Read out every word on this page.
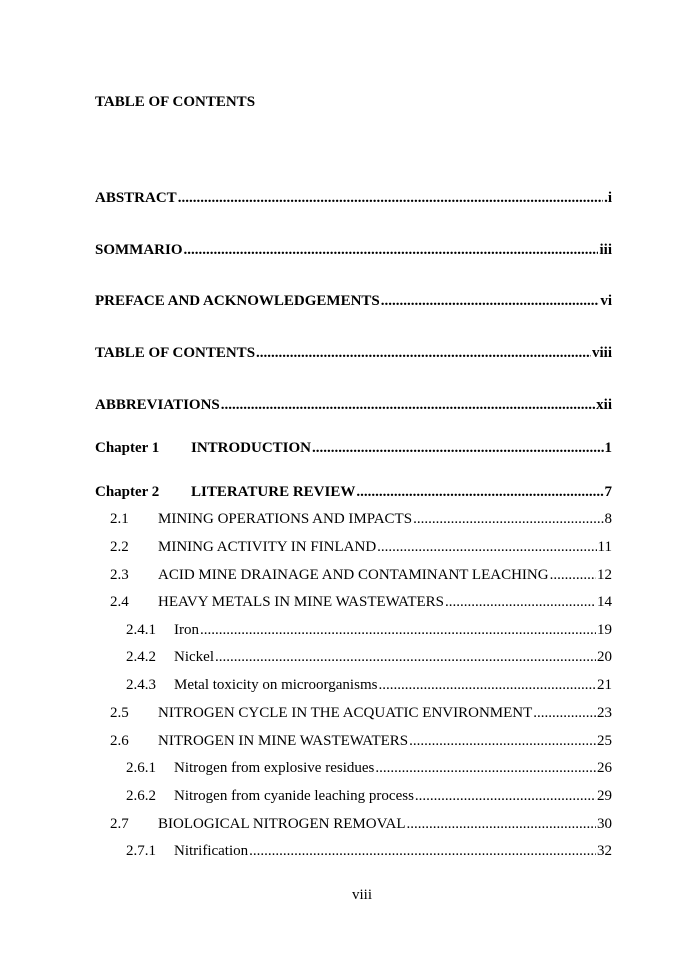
TABLE OF CONTENTS
ABSTRACT .....	.i
SOMMARIO .....	iii
PREFACE AND ACKNOWLEDGEMENTS .....	vi
TABLE OF CONTENTS .....	viii
ABBREVIATIONS .....	xii
Chapter 1	INTRODUCTION .....	1
Chapter 2	LITERATURE REVIEW .....	7
2.1	MINING OPERATIONS AND IMPACTS .....	8
2.2	MINING ACTIVITY IN FINLAND .....	11
2.3	ACID MINE DRAINAGE AND CONTAMINANT LEACHING .....	12
2.4	HEAVY METALS IN MINE WASTEWATERS .....	14
2.4.1	Iron .....	19
2.4.2	Nickel .....	20
2.4.3	Metal toxicity on microorganisms .....	21
2.5	NITROGEN CYCLE IN THE ACQUATIC ENVIRONMENT .....	23
2.6	NITROGEN IN MINE WASTEWATERS .....	25
2.6.1	Nitrogen from explosive residues .....	26
2.6.2	Nitrogen from cyanide leaching process .....	29
2.7	BIOLOGICAL NITROGEN REMOVAL .....	30
2.7.1	Nitrification .....	32
viii
